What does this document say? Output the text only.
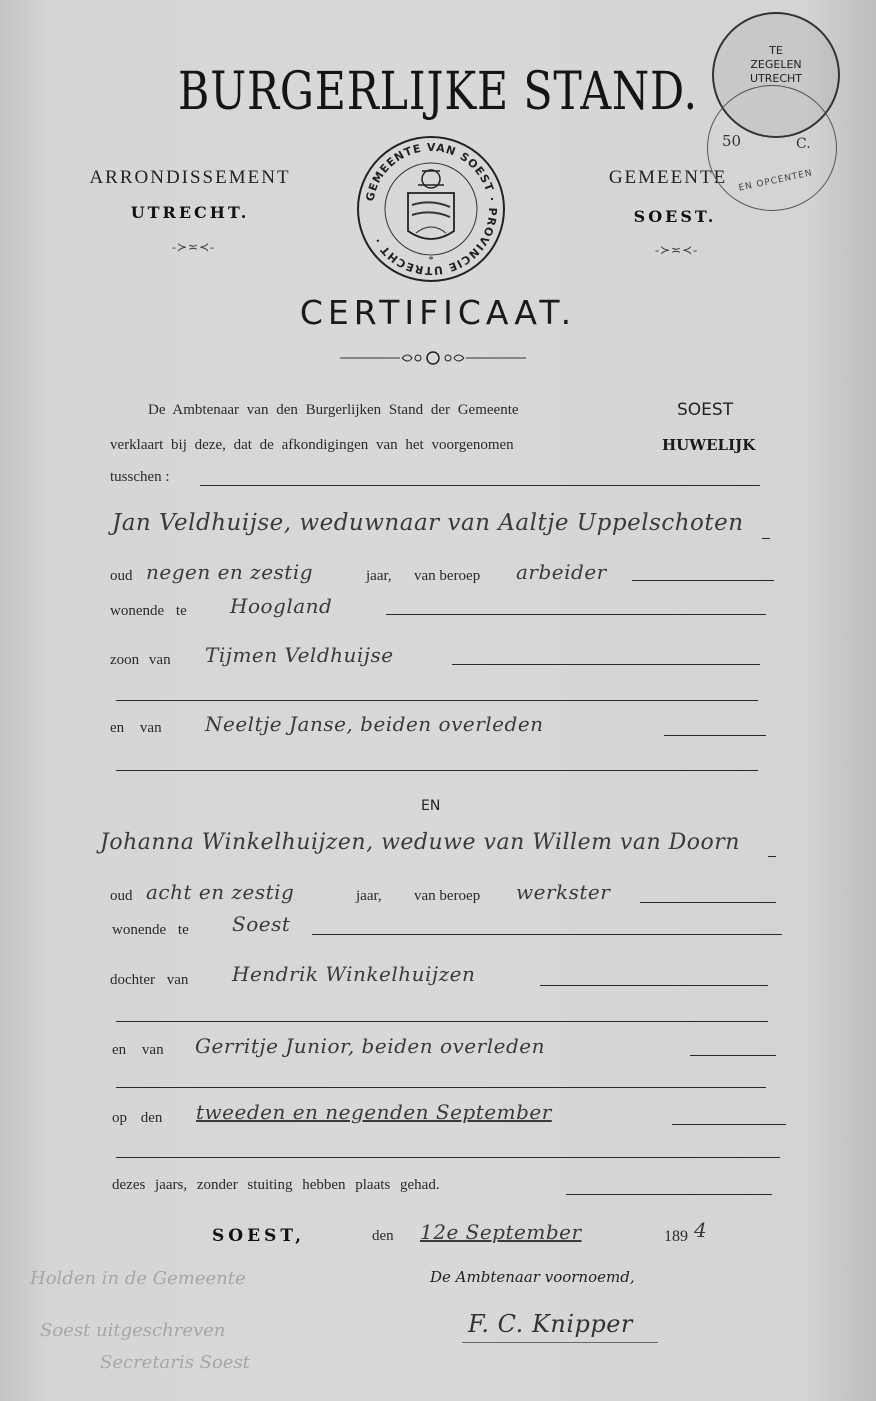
BURGERLIJKE STAND.
ARRONDISSEMENT
UTRECHT.
-≻≍≺-
GEMEENTE
SOEST.
-≻≍≺-
GEMEENTE VAN SOEST · PROVINCIE UTRECHT ·
*
TE
ZEGELEN
UTRECHT
50	C.
EN OPCENTEN
CERTIFICAAT.
De Ambtenaar van den Burgerlijken Stand der Gemeente	SOEST
verklaart bij deze, dat de afkondigingen van het voorgenomen	HUWELIJK
tusschen :
Jan Veldhuijse, weduwnaar van Aaltje Uppelschoten
oud negen en zestig	jaar, van beroep arbeider
wonende te Hoogland
zoon van Tijmen Veldhuijse
en van Neeltje Janse, beiden overleden
EN
Johanna Winkelhuijzen, weduwe van Willem van Doorn
oud acht en zestig	jaar, van beroep werkster
wonende te Soest
dochter van Hendrik Winkelhuijzen
en van Gerritje Junior, beiden overleden
op den tweeden en negenden September
dezes jaars, zonder stuiting hebben plaats gehad.
SOEST,	den 12e September	189 4
De Ambtenaar voornoemd,
F. C. Knipper
Holden in de Gemeente
Soest uitgeschreven
Secretaris Soest
